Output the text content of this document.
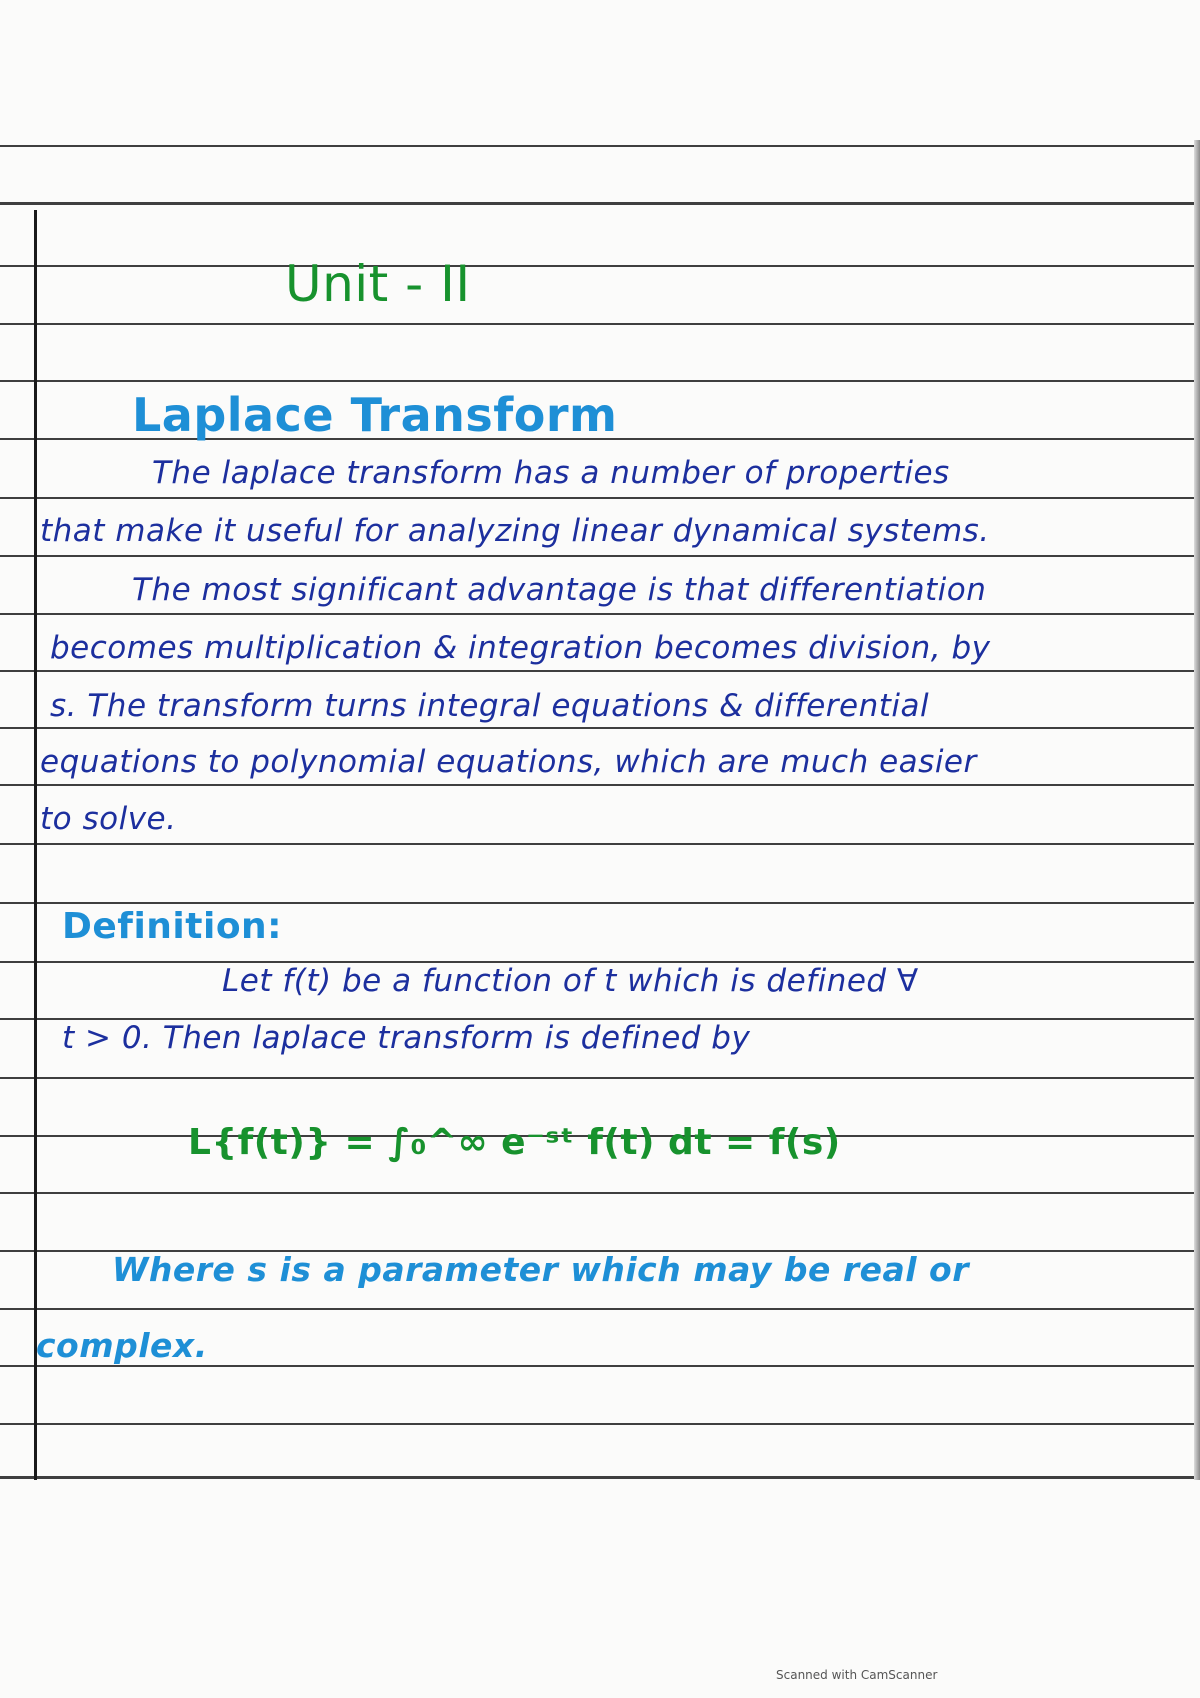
Unit - II
Laplace Transform
The laplace transform has a number of properties
that make it useful for analyzing linear dynamical systems.
The most significant advantage is that differentiation
becomes multiplication & integration becomes division, by
s. The transform turns integral equations & differential
equations to polynomial equations, which are much easier
to solve.
Definition:
Let f(t) be a function of t which is defined ∀
t > 0. Then laplace transform is defined by
L{f(t)} = ∫₀^∞ e⁻ˢᵗ f(t) dt = f(s)
Where s is a parameter which may be real or
complex.
Scanned with CamScanner
